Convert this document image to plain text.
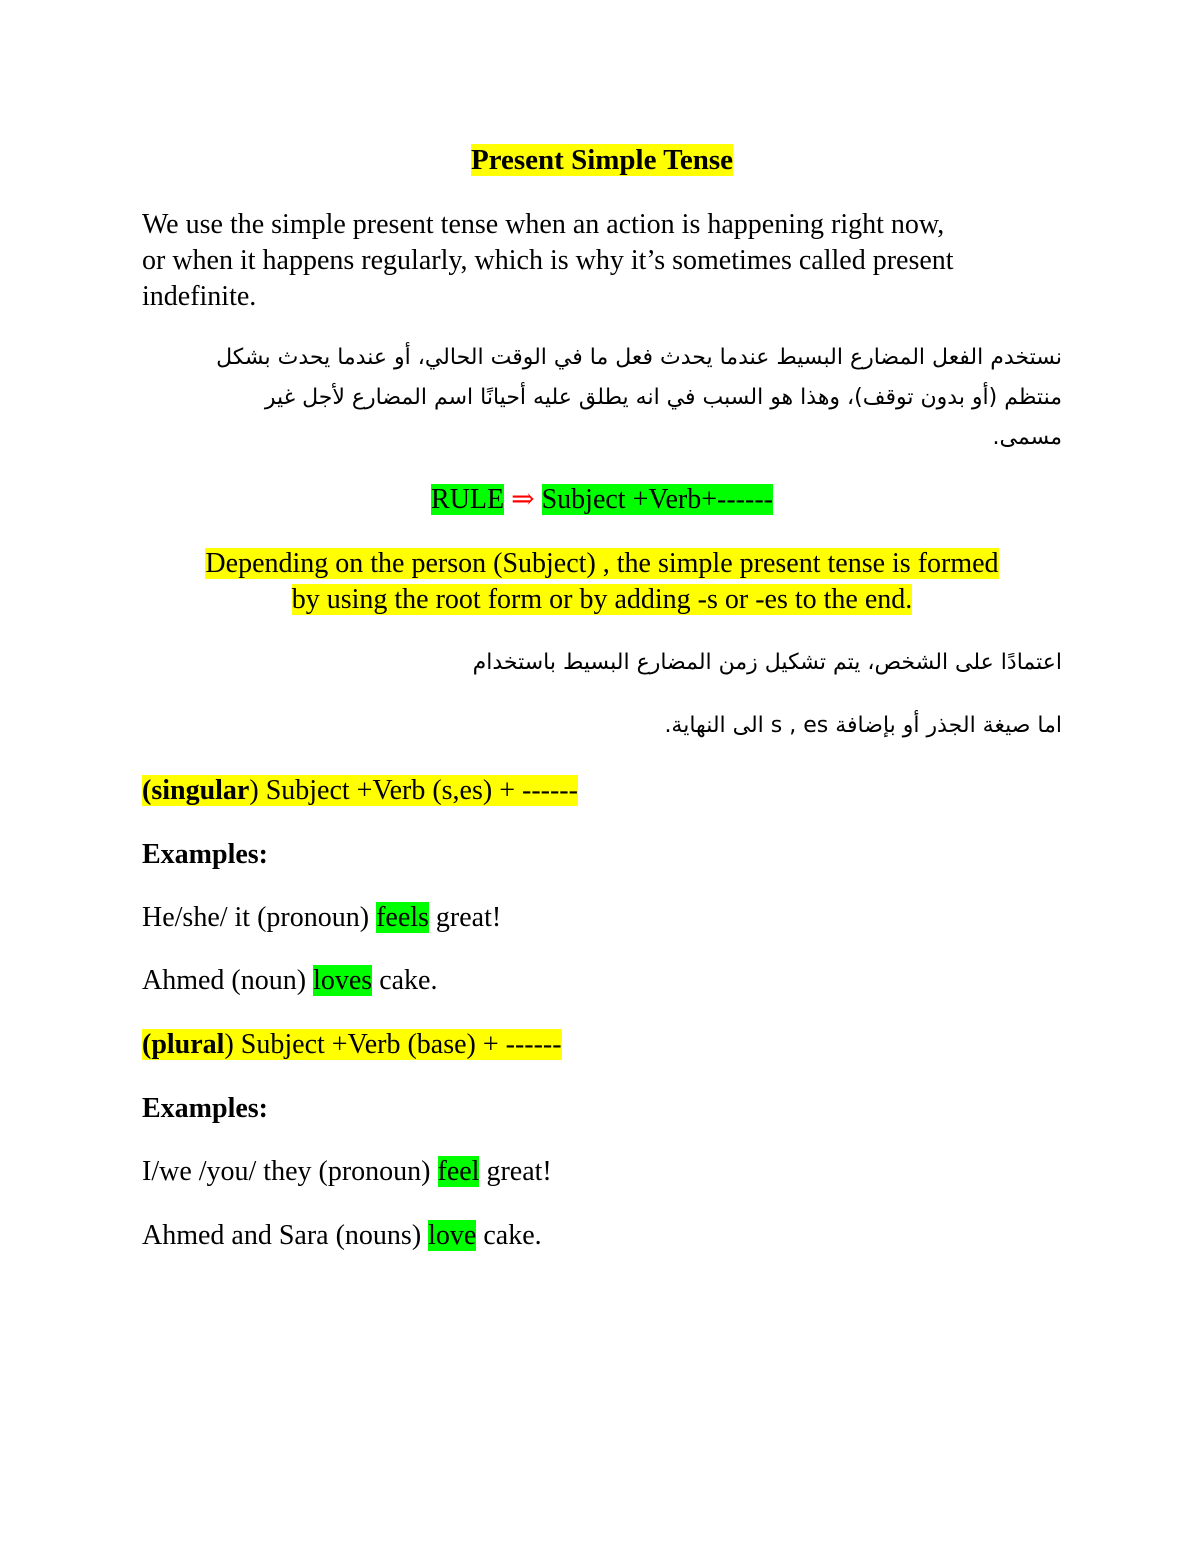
Present Simple Tense
We use the simple present tense when an action is happening right now,
or when it happens regularly, which is why it’s sometimes called present
indefinite.
نستخدم الفعل المضارع البسيط عندما يحدث فعل ما في الوقت الحالي، أو عندما يحدث بشكل
منتظم (أو بدون توقف)، وهذا هو السبب في انه يطلق عليه أحيانًا اسم المضارع لأجل غير
مسمى.
RULE ⇒ Subject +Verb+------
Depending on the person (Subject) , the simple present tense is formed
by using the root form or by adding -s or -es to the end.
اعتمادًا على الشخص، يتم تشكيل زمن المضارع البسيط باستخدام
اما صيغة الجذر أو بإضافة s , es الى النهاية.
(singular) Subject +Verb (s,es) + ------
Examples:
He/she/ it (pronoun) feels great!
Ahmed (noun) loves cake.
(plural) Subject +Verb (base) + ------
Examples:
I/we /you/ they (pronoun) feel great!
Ahmed and Sara (nouns) love cake.
